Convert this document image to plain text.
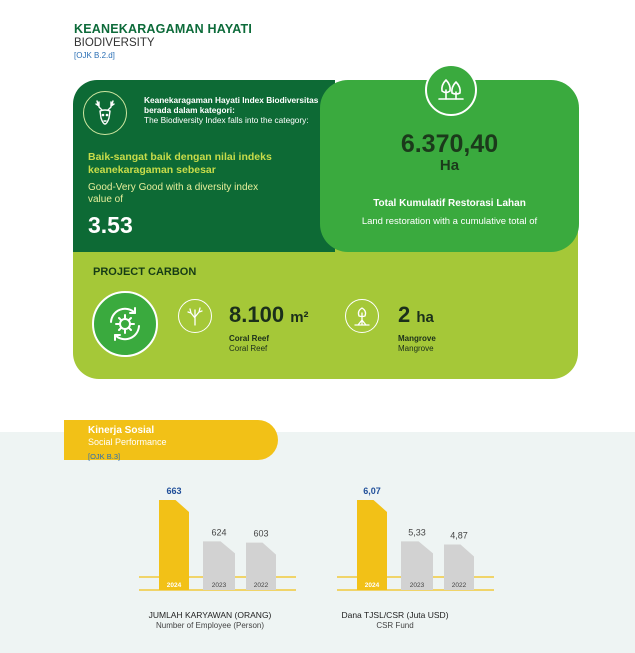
KEANEKARAGAMAN HAYATI
BIODIVERSITY
[OJK B.2.d]
Keanekaragaman Hayati Index Biodiversitas berada dalam kategori:
The Biodiversity Index falls into the category:
Baik-sangat baik dengan nilai indeks keanekaragaman sebesar
Good-Very Good with a diversity index value of
3.53
6.370,40
Ha
Total Kumulatif Restorasi Lahan
Land restoration with a cumulative total of
PROJECT CARBON
8.100 m²
Coral Reef
Coral Reef
2 ha
Mangrove
Mangrove
Kinerja Sosial
Social Performance
[OJK B.3]
663
2024
624
2023
603
2022
6,07
2024
5,33
2023
4,87
2022
JUMLAH KARYAWAN (ORANG)
Number of Employee (Person)
Dana TJSL/CSR (Juta USD)
CSR Fund
